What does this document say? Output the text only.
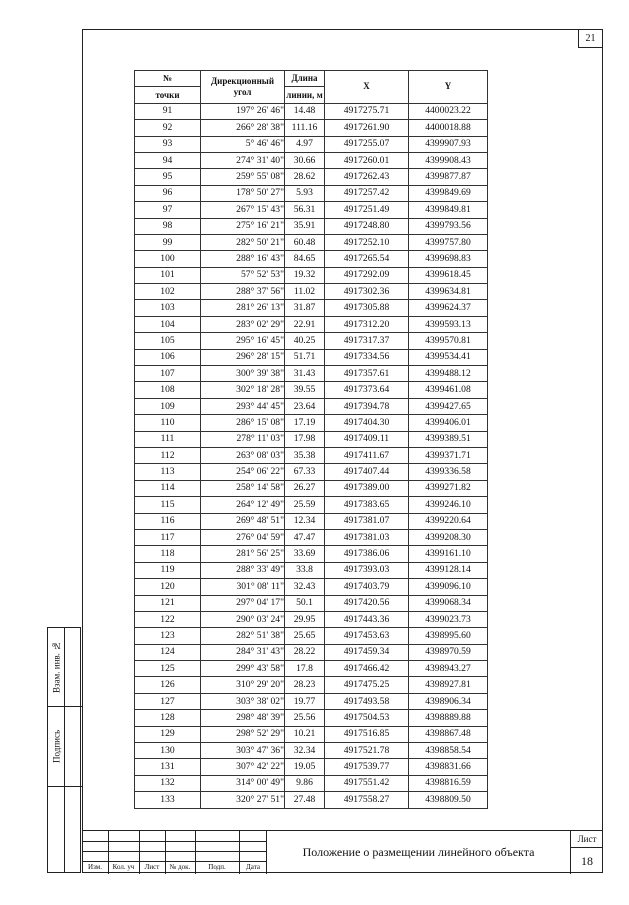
21
Взам. инв. №
Подпись
№	Дирекционный угол	Длина	X	Y
точки		линии, м		
91	197° 26' 46"	14.48	4917275.71	4400023.22
92	266° 28' 38"	111.16	4917261.90	4400018.88
93	5° 46' 46"	4.97	4917255.07	4399907.93
94	274° 31' 40"	30.66	4917260.01	4399908.43
95	259° 55' 08"	28.62	4917262.43	4399877.87
96	178° 50' 27"	5.93	4917257.42	4399849.69
97	267° 15' 43"	56.31	4917251.49	4399849.81
98	275° 16' 21"	35.91	4917248.80	4399793.56
99	282° 50' 21"	60.48	4917252.10	4399757.80
100	288° 16' 43"	84.65	4917265.54	4399698.83
101	57° 52' 53"	19.32	4917292.09	4399618.45
102	288° 37' 56"	11.02	4917302.36	4399634.81
103	281° 26' 13"	31.87	4917305.88	4399624.37
104	283° 02' 29"	22.91	4917312.20	4399593.13
105	295° 16' 45"	40.25	4917317.37	4399570.81
106	296° 28' 15"	51.71	4917334.56	4399534.41
107	300° 39' 38"	31.43	4917357.61	4399488.12
108	302° 18' 28"	39.55	4917373.64	4399461.08
109	293° 44' 45"	23.64	4917394.78	4399427.65
110	286° 15' 08"	17.19	4917404.30	4399406.01
111	278° 11' 03"	17.98	4917409.11	4399389.51
112	263° 08' 03"	35.38	4917411.67	4399371.71
113	254° 06' 22"	67.33	4917407.44	4399336.58
114	258° 14' 58"	26.27	4917389.00	4399271.82
115	264° 12' 49"	25.59	4917383.65	4399246.10
116	269° 48' 51"	12.34	4917381.07	4399220.64
117	276° 04' 59"	47.47	4917381.03	4399208.30
118	281° 56' 25"	33.69	4917386.06	4399161.10
119	288° 33' 49"	33.8	4917393.03	4399128.14
120	301° 08' 11"	32.43	4917403.79	4399096.10
121	297° 04' 17"	50.1	4917420.56	4399068.34
122	290° 03' 24"	29.95	4917443.36	4399023.73
123	282° 51' 38"	25.65	4917453.63	4398995.60
124	284° 31' 43"	28.22	4917459.34	4398970.59
125	299° 43' 58"	17.8	4917466.42	4398943.27
126	310° 29' 20"	28.23	4917475.25	4398927.81
127	303° 38' 02"	19.77	4917493.58	4398906.34
128	298° 48' 39"	25.56	4917504.53	4398889.88
129	298° 52' 29"	10.21	4917516.85	4398867.48
130	303° 47' 36"	32.34	4917521.78	4398858.54
131	307° 42' 22"	19.05	4917539.77	4398831.66
132	314° 00' 49"	9.86	4917551.42	4398816.59
133	320° 27' 51"	27.48	4917558.27	4398809.50
Изм.	Кол. уч	Лист	№ док.	Подп.	Дата
Положение о размещении линейного объекта
Лист
18
